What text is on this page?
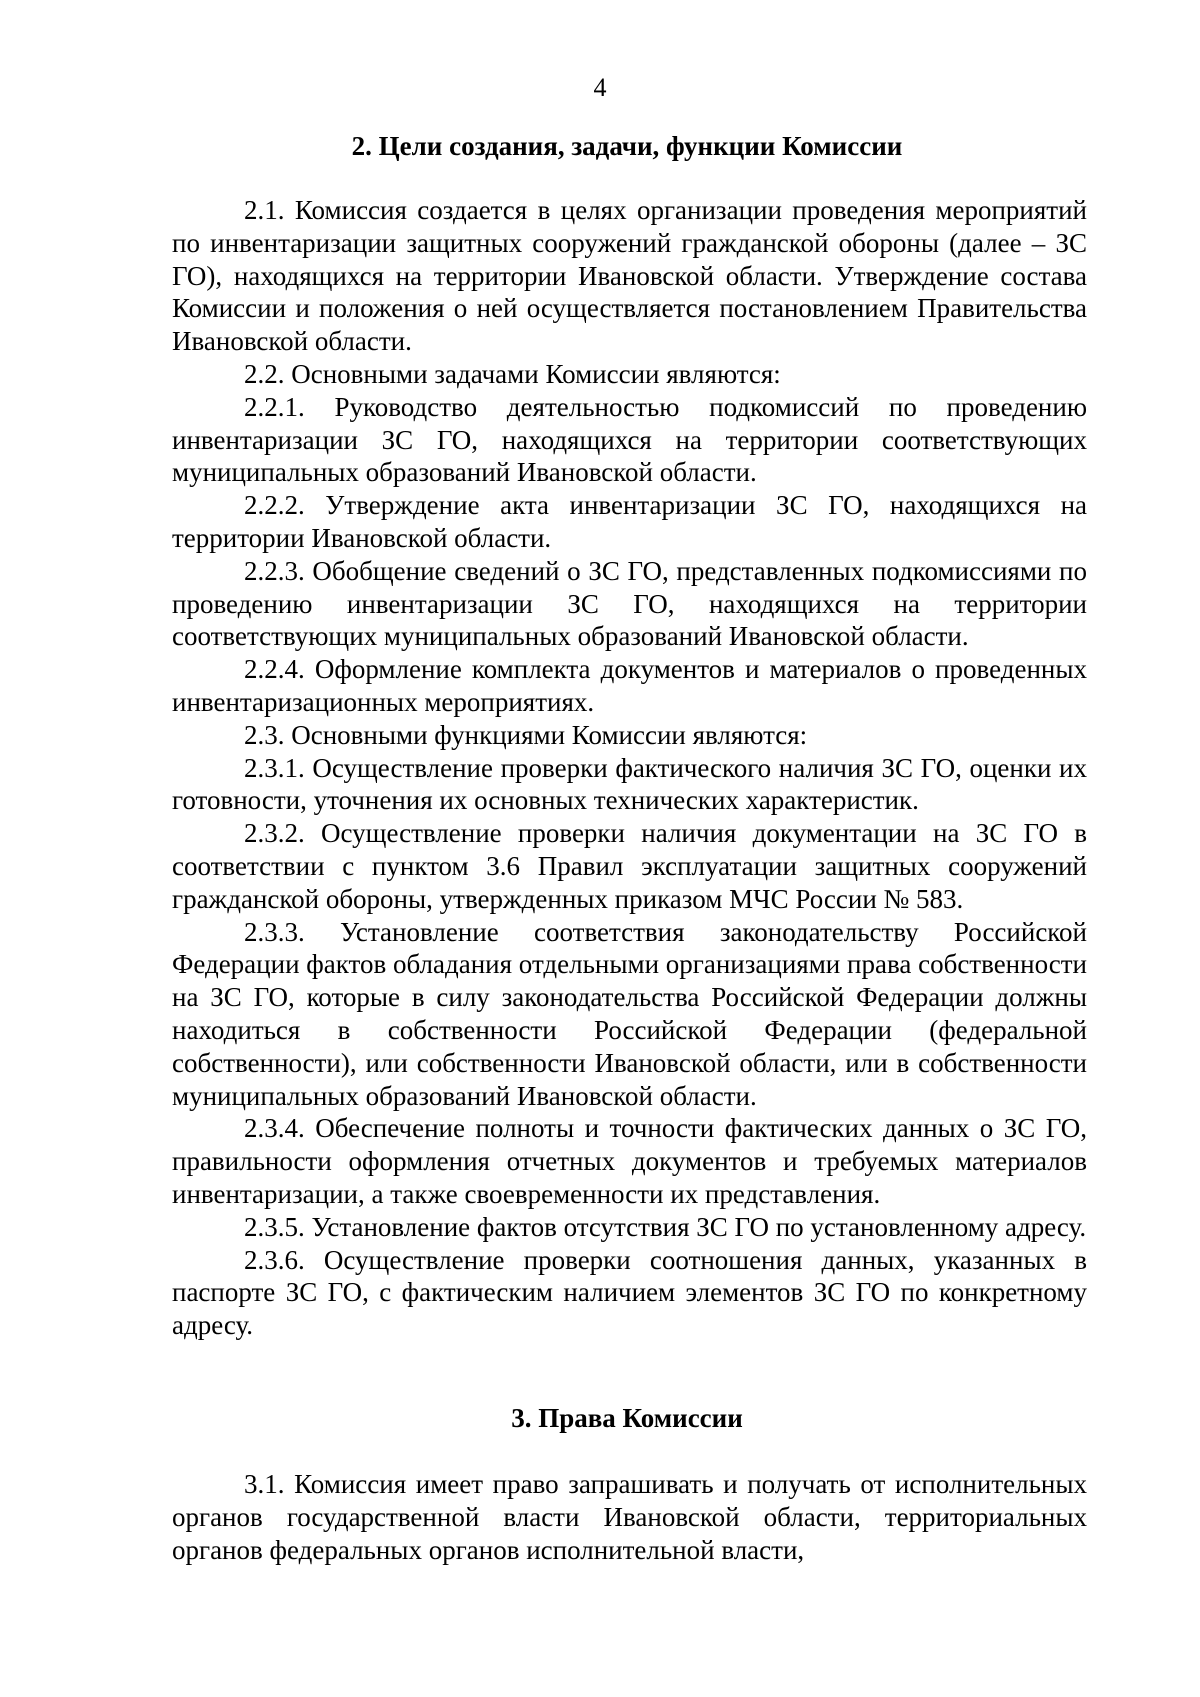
4

2. Цели создания, задачи, функции Комиссии

2.1. Комиссия создается в целях организации проведения мероприятий по инвентаризации защитных сооружений гражданской обороны (далее – ЗС ГО), находящихся на территории Ивановской области. Утверждение состава Комиссии и положения о ней осуществляется постановлением Правительства Ивановской области.

2.2. Основными задачами Комиссии являются:

2.2.1. Руководство деятельностью подкомиссий по проведению инвентаризации ЗС ГО, находящихся на территории соответствующих муниципальных образований Ивановской области.

2.2.2. Утверждение акта инвентаризации ЗС ГО, находящихся на территории Ивановской области.

2.2.3. Обобщение сведений о ЗС ГО, представленных подкомиссиями по проведению инвентаризации ЗС ГО, находящихся на территории соответствующих муниципальных образований Ивановской области.

2.2.4. Оформление комплекта документов и материалов о проведенных инвентаризационных мероприятиях.

2.3. Основными функциями Комиссии являются:

2.3.1. Осуществление проверки фактического наличия ЗС ГО, оценки их готовности, уточнения их основных технических характеристик.

2.3.2. Осуществление проверки наличия документации на ЗС ГО в соответствии с пунктом 3.6 Правил эксплуатации защитных сооружений гражданской обороны, утвержденных приказом МЧС России № 583.

2.3.3. Установление соответствия законодательству Российской Федерации фактов обладания отдельными организациями права собственности на ЗС ГО, которые в силу законодательства Российской Федерации должны находиться в собственности Российской Федерации (федеральной собственности), или собственности Ивановской области, или в собственности муниципальных образований Ивановской области.

2.3.4. Обеспечение полноты и точности фактических данных о ЗС ГО, правильности оформления отчетных документов и требуемых материалов инвентаризации, а также своевременности их представления.

2.3.5. Установление фактов отсутствия ЗС ГО по установленному адресу.

2.3.6. Осуществление проверки соотношения данных, указанных в паспорте ЗС ГО, с фактическим наличием элементов ЗС ГО по конкретному адресу.

3. Права Комиссии

3.1. Комиссия имеет право запрашивать и получать от исполнительных органов государственной власти Ивановской области, территориальных органов федеральных органов исполнительной власти,
